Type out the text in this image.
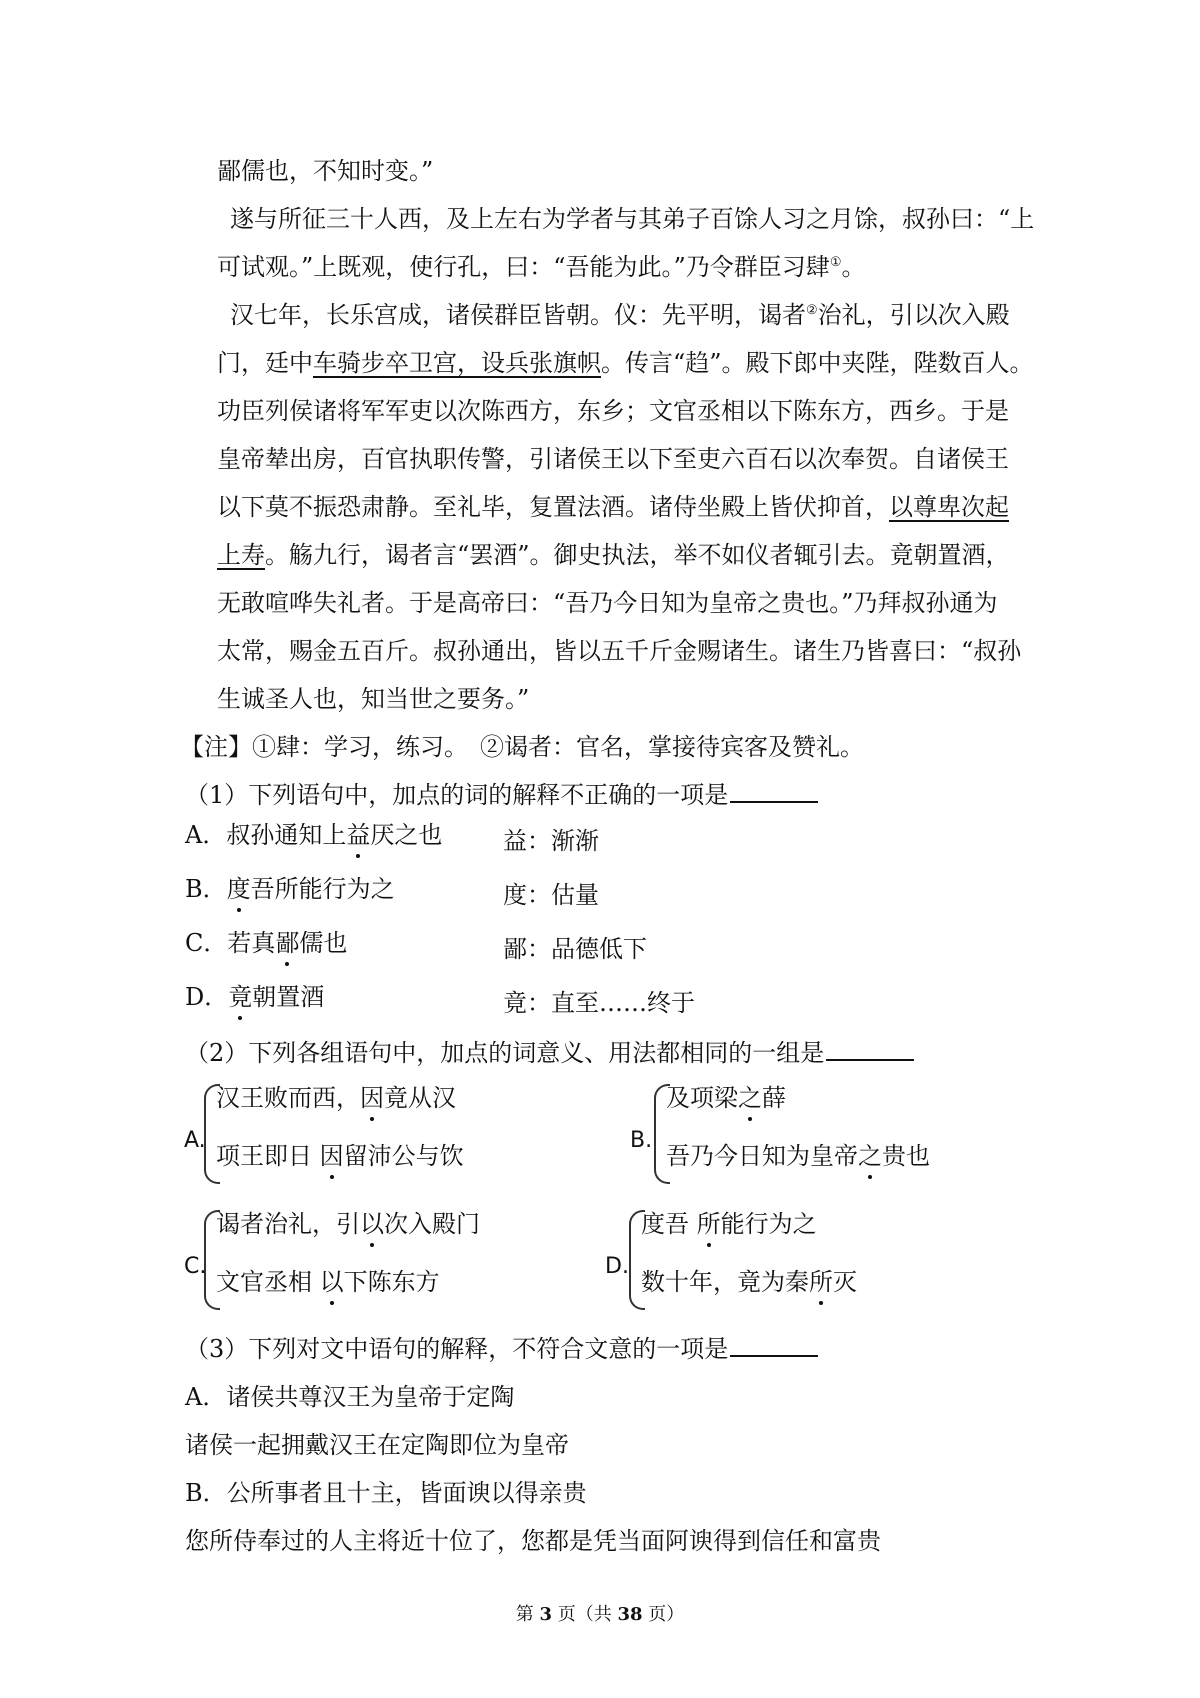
鄙儒也，不知时变。”
遂与所征三十人西，及上左右为学者与其弟子百馀人习之月馀，叔孙曰：“上
可试观。”上既观，使行孔，曰：“吾能为此。”乃令群臣习肆①。
汉七年，长乐宫成，诸侯群臣皆朝。仪：先平明，谒者②治礼，引以次入殿
门，廷中车骑步卒卫宫，设兵张旗帜。传言“趋”。殿下郎中夹陛，陛数百人。
功臣列侯诸将军军吏以次陈西方，东乡；文官丞相以下陈东方，西乡。于是
皇帝辇出房，百官执职传警，引诸侯王以下至吏六百石以次奉贺。自诸侯王
以下莫不振恐肃静。至礼毕，复置法酒。诸侍坐殿上皆伏抑首，以尊卑次起
上寿。觞九行，谒者言“罢酒”。御史执法，举不如仪者辄引去。竟朝置酒，
无敢喧哗失礼者。于是高帝曰：“吾乃今日知为皇帝之贵也。”乃拜叔孙通为
太常，赐金五百斤。叔孙通出，皆以五千斤金赐诸生。诸生乃皆喜曰：“叔孙
生诚圣人也，知当世之要务。”
【注】①肆：学习，练习。　②谒者：官名，掌接待宾客及赞礼。
（1）下列语句中，加点的词的解释不正确的一项是
A．叔孙通知上益厌之也	益：渐渐
B．度吾所能行为之	度：估量
C．若真鄙儒也	鄙：品德低下
D．竟朝置酒	竟：直至……终于
（2）下列各组语句中，加点的词意义、用法都相同的一组是
A.
汉王败而西，因竟从汉
项王即日 因留沛公与饮
B.
及项梁之薛
吾乃今日知为皇帝之贵也
C.
谒者治礼，引以次入殿门
文官丞相 以下陈东方
D.
度吾 所能行为之
数十年，竟为秦所灭
（3）下列对文中语句的解释，不符合文意的一项是
A．诸侯共尊汉王为皇帝于定陶
诸侯一起拥戴汉王在定陶即位为皇帝
B．公所事者且十主，皆面谀以得亲贵
您所侍奉过的人主将近十位了，您都是凭当面阿谀得到信任和富贵
第 3 页（共 38 页）
